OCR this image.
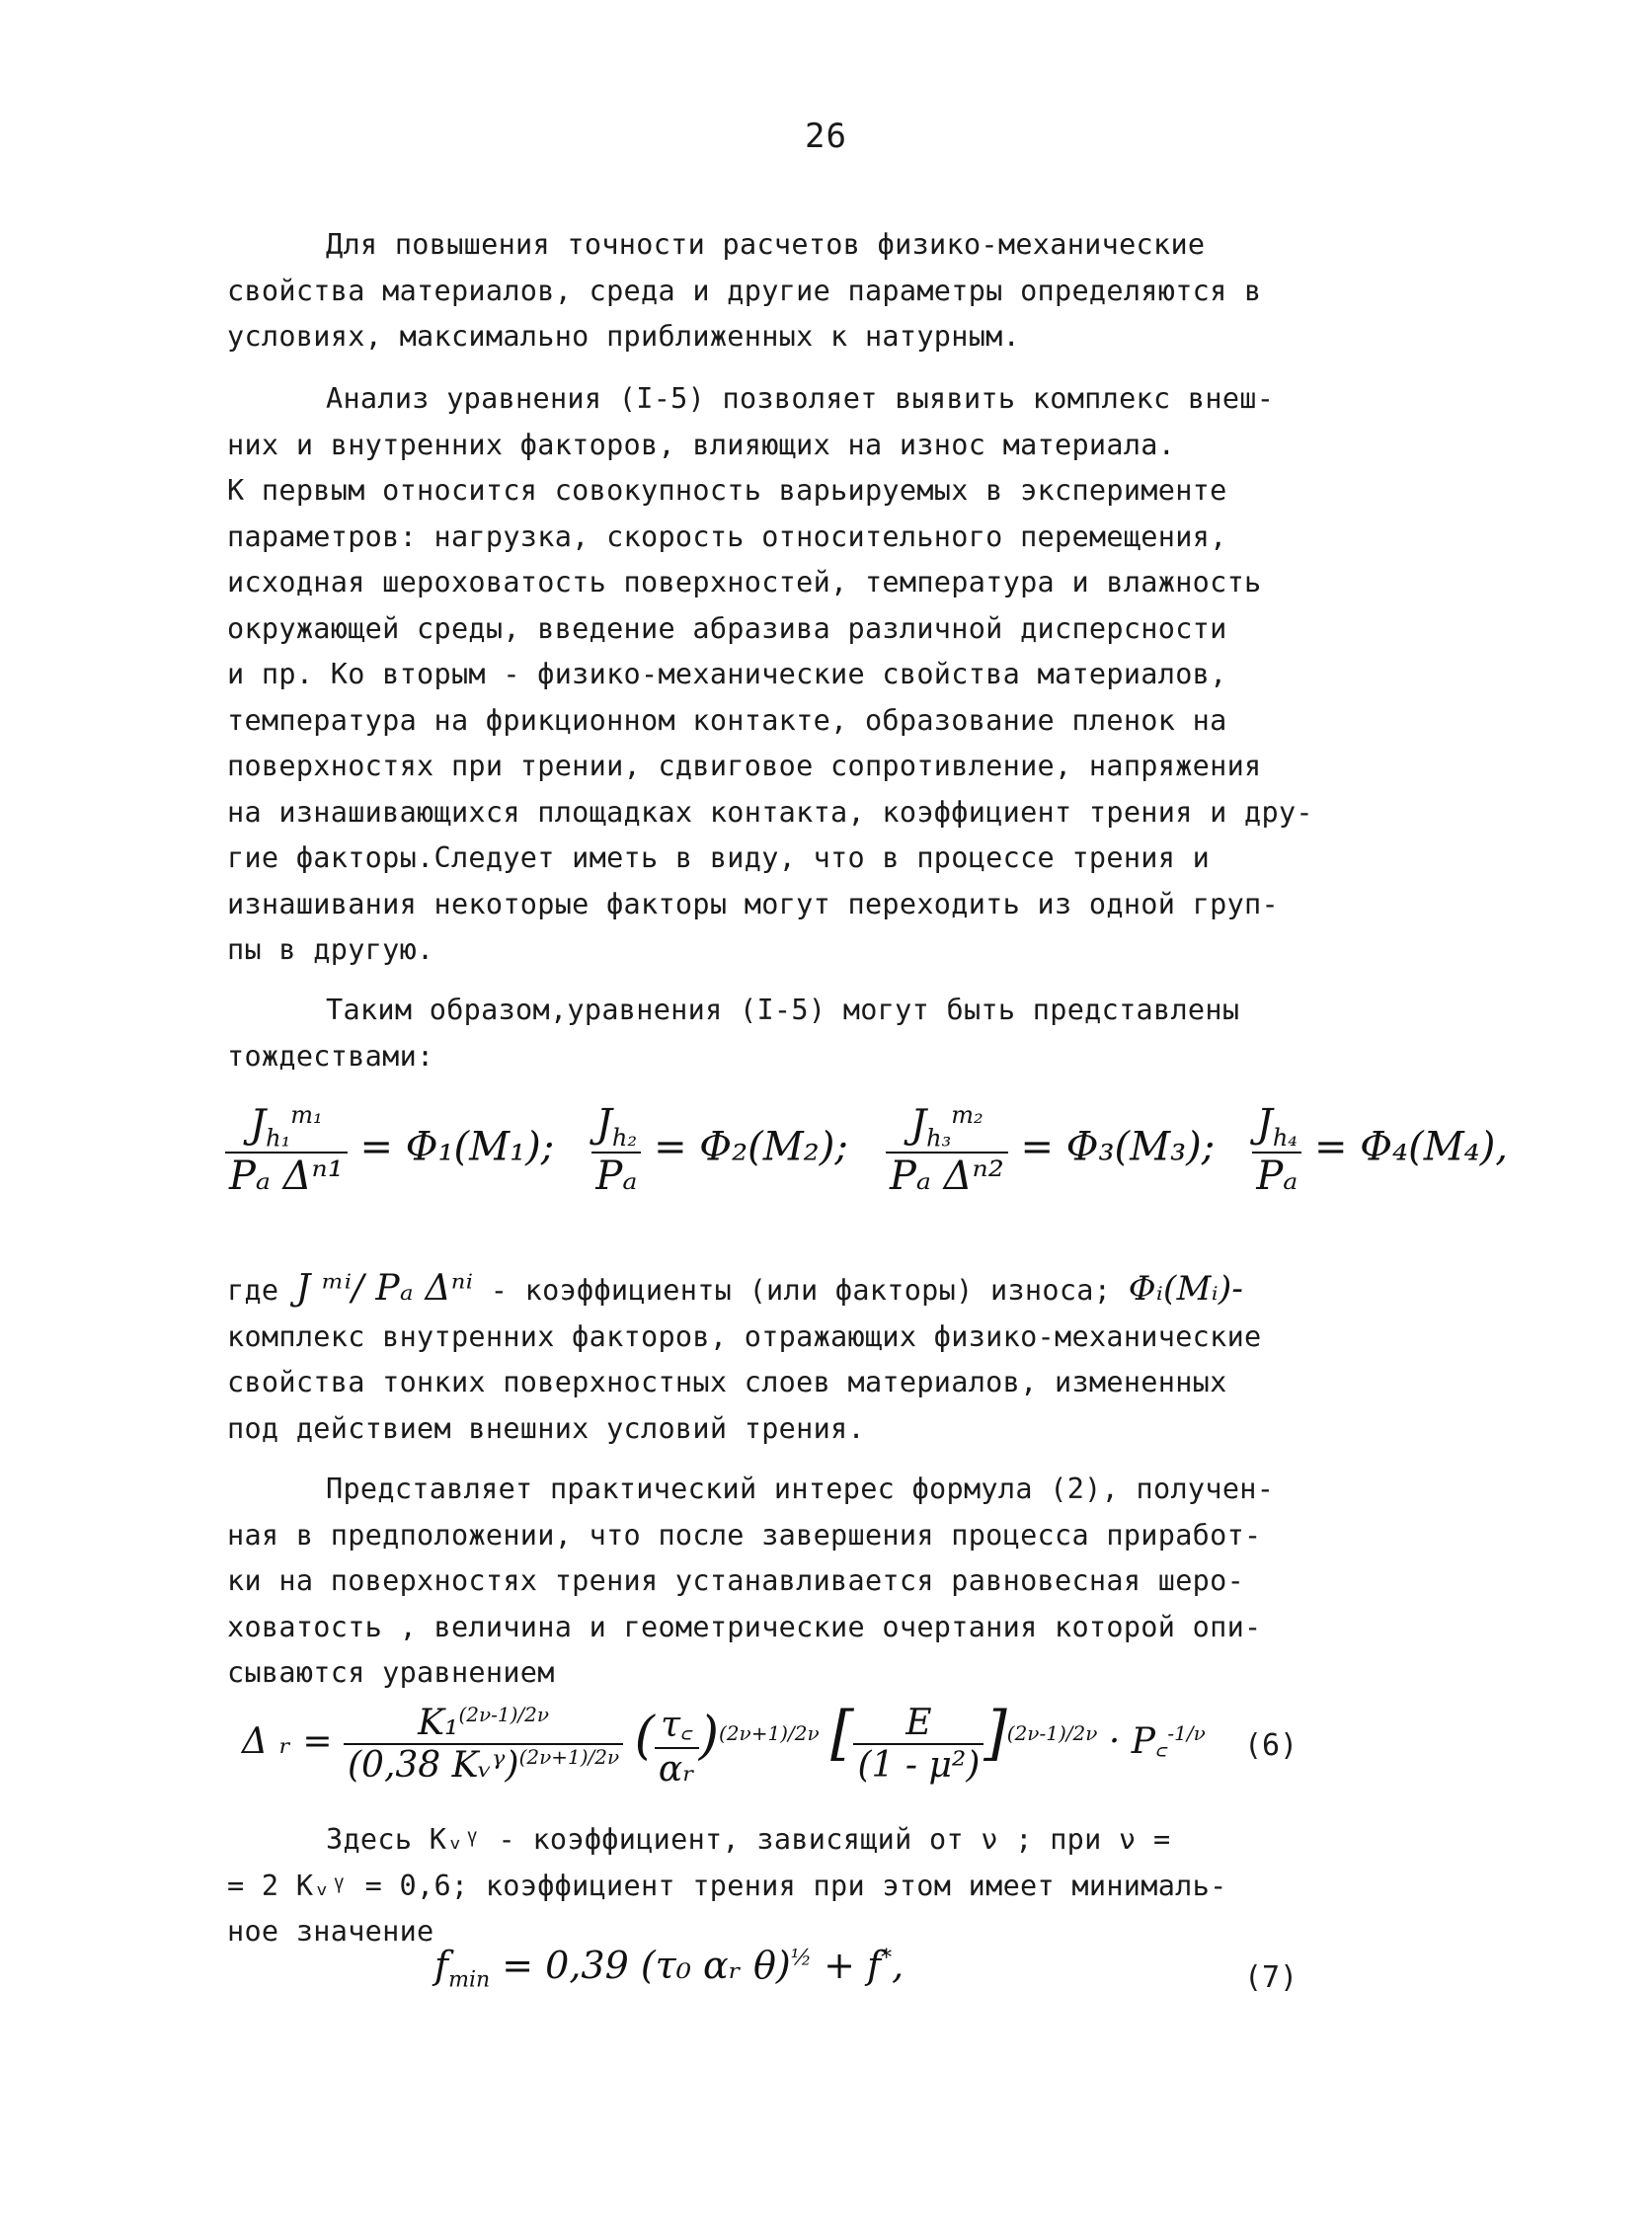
26
Для повышения точности расчетов физико-механические
свойства материалов, среда и другие параметры определяются в
условиях, максимально приближенных к натурным.
Анализ уравнения (I-5) позволяет выявить комплекс внеш-
них и внутренних факторов, влияющих на износ материала.
К первым относится совокупность варьируемых в эксперименте
параметров: нагрузка, скорость относительного перемещения,
исходная шероховатость поверхностей, температура и влажность
окружающей среды, введение абразива различной дисперсности
и пр. Ко вторым - физико-механические свойства материалов,
температура на фрикционном контакте, образование пленок на
поверхностях при трении, сдвиговое сопротивление, напряжения
на изнашивающихся площадках контакта, коэффициент трения и дру-
гие факторы.Следует иметь в виду, что в процессе трения и
изнашивания некоторые факторы могут переходить из одной груп-
пы в другую.
Таким образом,уравнения (I-5) могут быть представлены
тождествами:
$\frac{J_{h_1}^{m_1}}{\text{Pₐ Δⁿ¹}} = \Phi_1(M_1)$; $\frac{J_{h_2}}{\text{Pₐ}} = \Phi_2(M_2)$; $\frac{J_{h_3}^{m_2}}{\text{Pₐ Δⁿ²}} = \Phi_3(M_3)$; $\frac{J_{h_4}}{\text{Pₐ}} = \Phi_4(M_4)$,
где J ᵐⁱ/ Pₐ Δⁿⁱ - коэффициенты (или факторы) износа; Φᵢ(Mᵢ)-
комплекс внутренних факторов, отражающих физико-механические
свойства тонких поверхностных слоев материалов, измененных
под действием внешних условий трения.
Представляет практический интерес формула (2), получен-
ная в предположении, что после завершения процесса приработ-
ки на поверхностях трения устанавливается равновесная шеро-
ховатость , величина и геометрические очертания которой опи-
сываются уравнением
Δ ᵣ = $\frac{K_1^{(2\nu-1)/2\nu}}{(0,38 Kᵥᵞ)^{(2\nu+1)/2\nu}}$ ( $\frac{\tau꜀}{\text{αᵣ}} )^{(2\nu+1)/2\nu}$ [ $\frac{E}{\text{(1 - μ²)}} ]^{(2\nu-1)/2\nu}$ · P꜀$^{-1/\nu}$ (6)
Здесь Kᵥᵞ - коэффициент, зависящий от ν ; при ν =
= 2 Kᵥᵞ = 0,6; коэффициент трения при этом имеет минималь-
ное значение
$f_{min} = 0,39$ (τ₀ αᵣ θ)$^{\frac{1}{2}}$ + f*,	(7)
